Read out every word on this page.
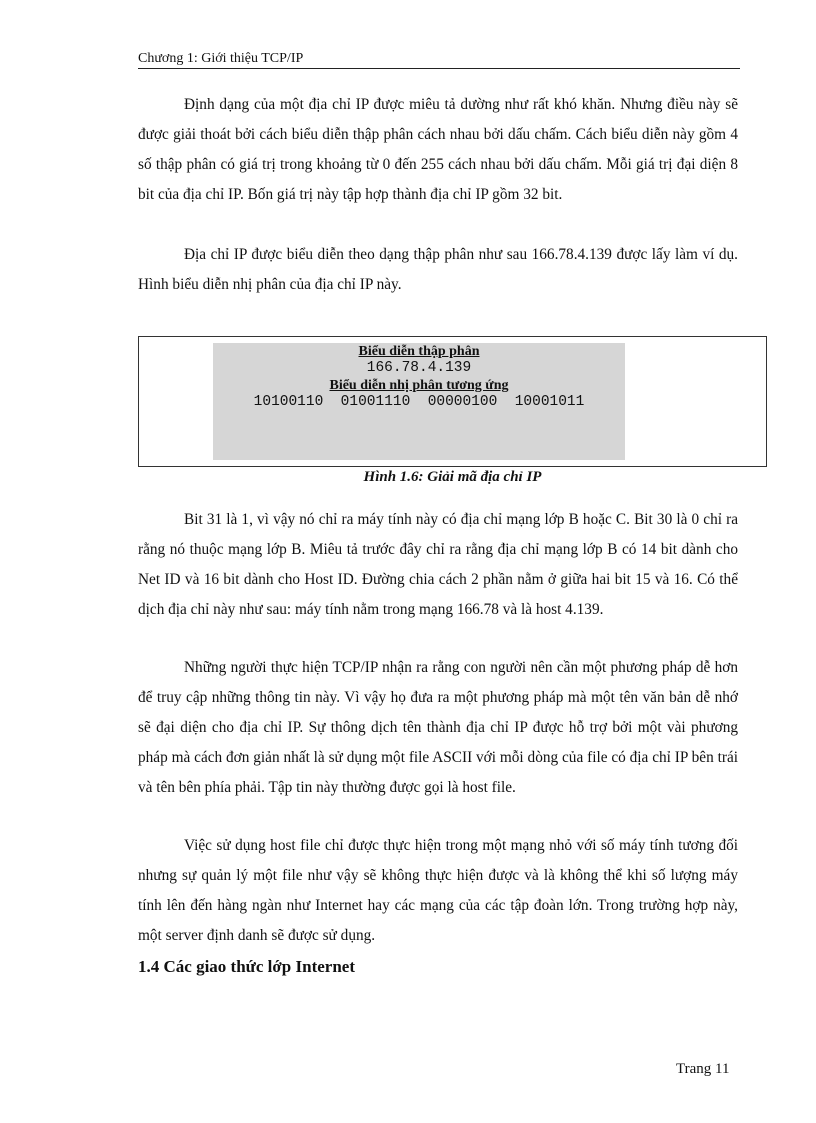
Chương 1: Giới thiệu TCP/IP

Định dạng của một địa chỉ IP được miêu tả dường như rất khó khăn. Nhưng điều này sẽ được giải thoát bởi cách biểu diễn thập phân cách nhau bởi dấu chấm. Cách biểu diễn này gồm 4 số thập phân có giá trị trong khoảng từ 0 đến 255 cách nhau bởi dấu chấm. Mỗi giá trị đại diện 8 bit của địa chỉ IP. Bốn giá trị này tập hợp thành địa chỉ IP gồm 32 bit.

Địa chỉ IP được biểu diễn theo dạng thập phân như sau 166.78.4.139 được lấy làm ví dụ. Hình biểu diễn nhị phân của địa chỉ IP này.

Biểu diễn thập phân
166.78.4.139
Biểu diễn nhị phân tương ứng
10100110  01001110  00000100  10001011
Hình 1.6: Giải mã địa chỉ IP

Bit 31 là 1, vì vậy nó chỉ ra máy tính này có địa chỉ mạng lớp B hoặc C. Bit 30 là 0 chỉ ra rằng nó thuộc mạng lớp B. Miêu tả trước đây chỉ ra rằng địa chỉ mạng lớp B có 14 bit dành cho Net ID và 16 bit dành cho Host ID. Đường chia cách 2 phần nằm ở giữa hai bit 15 và 16. Có thể dịch địa chỉ này như sau: máy tính nằm trong mạng 166.78 và là host 4.139.

Những người thực hiện TCP/IP nhận ra rằng con người nên cần một phương pháp dễ hơn để truy cập những thông tin này. Vì vậy họ đưa ra một phương pháp mà một tên văn bản dễ nhớ sẽ đại diện cho địa chỉ IP. Sự thông dịch tên thành địa chỉ IP được hỗ trợ bởi một vài phương pháp mà cách đơn giản nhất là sử dụng một file ASCII với mỗi dòng của file có địa chỉ IP bên trái và tên bên phía phải. Tập tin này thường được gọi là host file.

Việc sử dụng host file chỉ được thực hiện trong một mạng nhỏ với số máy tính tương đối nhưng sự quản lý một file như vậy sẽ không thực hiện được và là không thể khi số lượng máy tính lên đến hàng ngàn như Internet hay các mạng của các tập đoàn lớn. Trong trường hợp này, một server định danh sẽ được sử dụng.

1.4 Các giao thức lớp Internet
Trang 11
